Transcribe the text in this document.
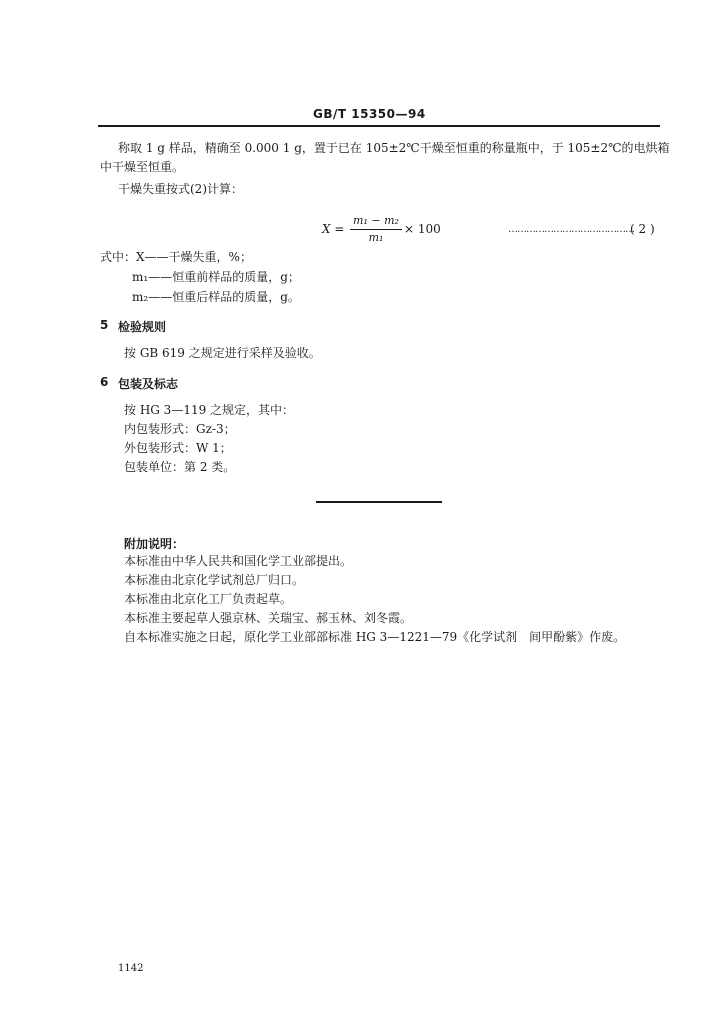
GB/T 15350—94
称取 1 g 样品，精确至 0.000 1 g，置于已在 105±2℃干燥至恒重的称量瓶中，于 105±2℃的电烘箱
中干燥至恒重。
干燥失重按式(2)计算：
X =
m₁ − m₂
m₁
× 100	……………………………………
( 2 )
式中： X——干燥失重，%；
m₁——恒重前样品的质量，g；
m₂——恒重后样品的质量，g。
5 检验规则
按 GB 619 之规定进行采样及验收。
6 包装及标志
按 HG 3—119 之规定，其中：
内包装形式：Gz-3；
外包装形式：W 1；
包装单位：第 2 类。
附加说明：
本标准由中华人民共和国化学工业部提出。
本标准由北京化学试剂总厂归口。
本标准由北京化工厂负责起草。
本标准主要起草人强京林、关瑞宝、郝玉林、刘冬霞。
自本标准实施之日起，原化学工业部部标准 HG 3—1221—79《化学试剂　间甲酚紫》作废。
1142
